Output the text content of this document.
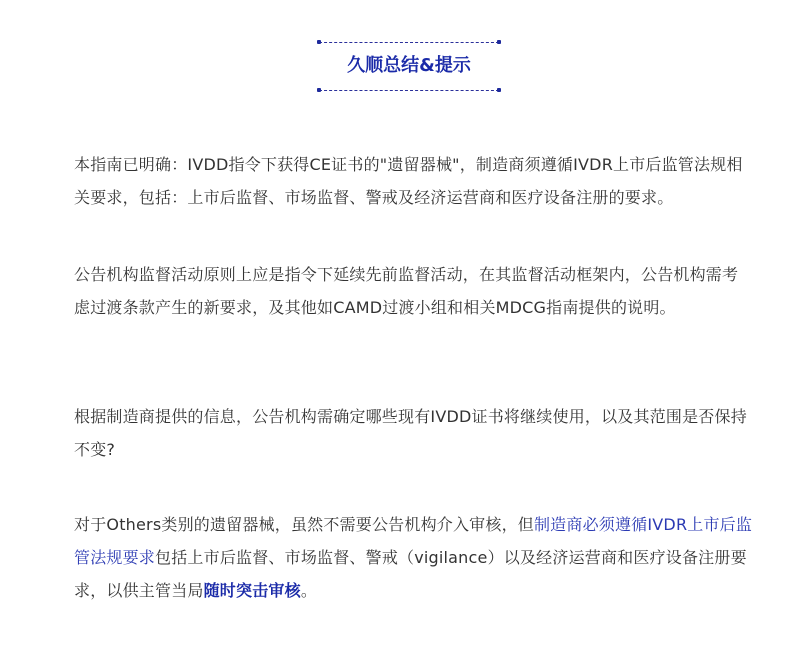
久顺总结&提示

本指南已明确：IVDD指令下获得CE证书的"遗留器械"，制造商须遵循IVDR上市后监管法规相关要求，包括：上市后监督、市场监督、警戒及经济运营商和医疗设备注册的要求。

公告机构监督活动原则上应是指令下延续先前监督活动，在其监督活动框架内，公告机构需考虑过渡条款产生的新要求，及其他如CAMD过渡小组和相关MDCG指南提供的说明。

根据制造商提供的信息，公告机构需确定哪些现有IVDD证书将继续使用，以及其范围是否保持不变?

对于Others类别的遗留器械，虽然不需要公告机构介入审核，但制造商必须遵循IVDR上市后监管法规要求包括上市后监督、市场监督、警戒（vigilance）以及经济运营商和医疗设备注册要求，以供主管当局随时突击审核。
